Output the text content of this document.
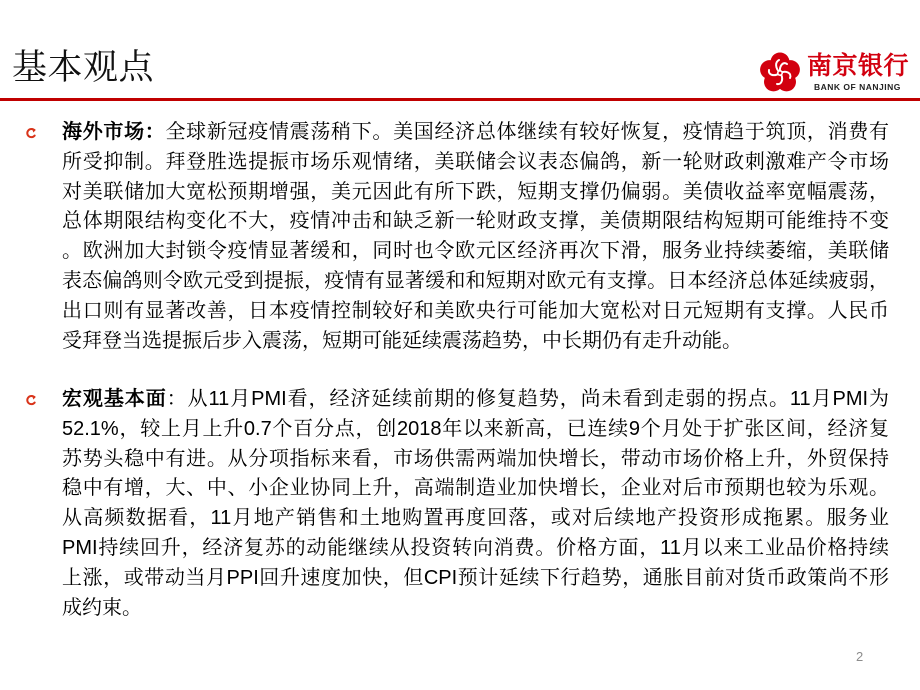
基本观点	南京银行
BANK OF NANJING
海外市场：全球新冠疫情震荡稍下。美国经济总体继续有较好恢复，疫情趋于筑顶，消费有
所受抑制。拜登胜选提振市场乐观情绪，美联储会议表态偏鸽，新一轮财政刺激难产令市场
对美联储加大宽松预期增强，美元因此有所下跌，短期支撑仍偏弱。美债收益率宽幅震荡，
总体期限结构变化不大，疫情冲击和缺乏新一轮财政支撑，美债期限结构短期可能维持不变
。欧洲加大封锁令疫情显著缓和，同时也令欧元区经济再次下滑，服务业持续萎缩，美联储
表态偏鸽则令欧元受到提振，疫情有显著缓和和短期对欧元有支撑。日本经济总体延续疲弱，
出口则有显著改善，日本疫情控制较好和美欧央行可能加大宽松对日元短期有支撑。人民币
受拜登当选提振后步入震荡，短期可能延续震荡趋势，中长期仍有走升动能。
宏观基本面：从11月PMI看，经济延续前期的修复趋势，尚未看到走弱的拐点。11月PMI为
52.1%，较上月上升0.7个百分点，创2018年以来新高，已连续9个月处于扩张区间，经济复
苏势头稳中有进。从分项指标来看，市场供需两端加快增长，带动市场价格上升，外贸保持
稳中有增，大、中、小企业协同上升，高端制造业加快增长，企业对后市预期也较为乐观。
从高频数据看，11月地产销售和土地购置再度回落，或对后续地产投资形成拖累。服务业
PMI持续回升，经济复苏的动能继续从投资转向消费。价格方面，11月以来工业品价格持续
上涨，或带动当月PPI回升速度加快，但CPI预计延续下行趋势，通胀目前对货币政策尚不形
成约束。
2
